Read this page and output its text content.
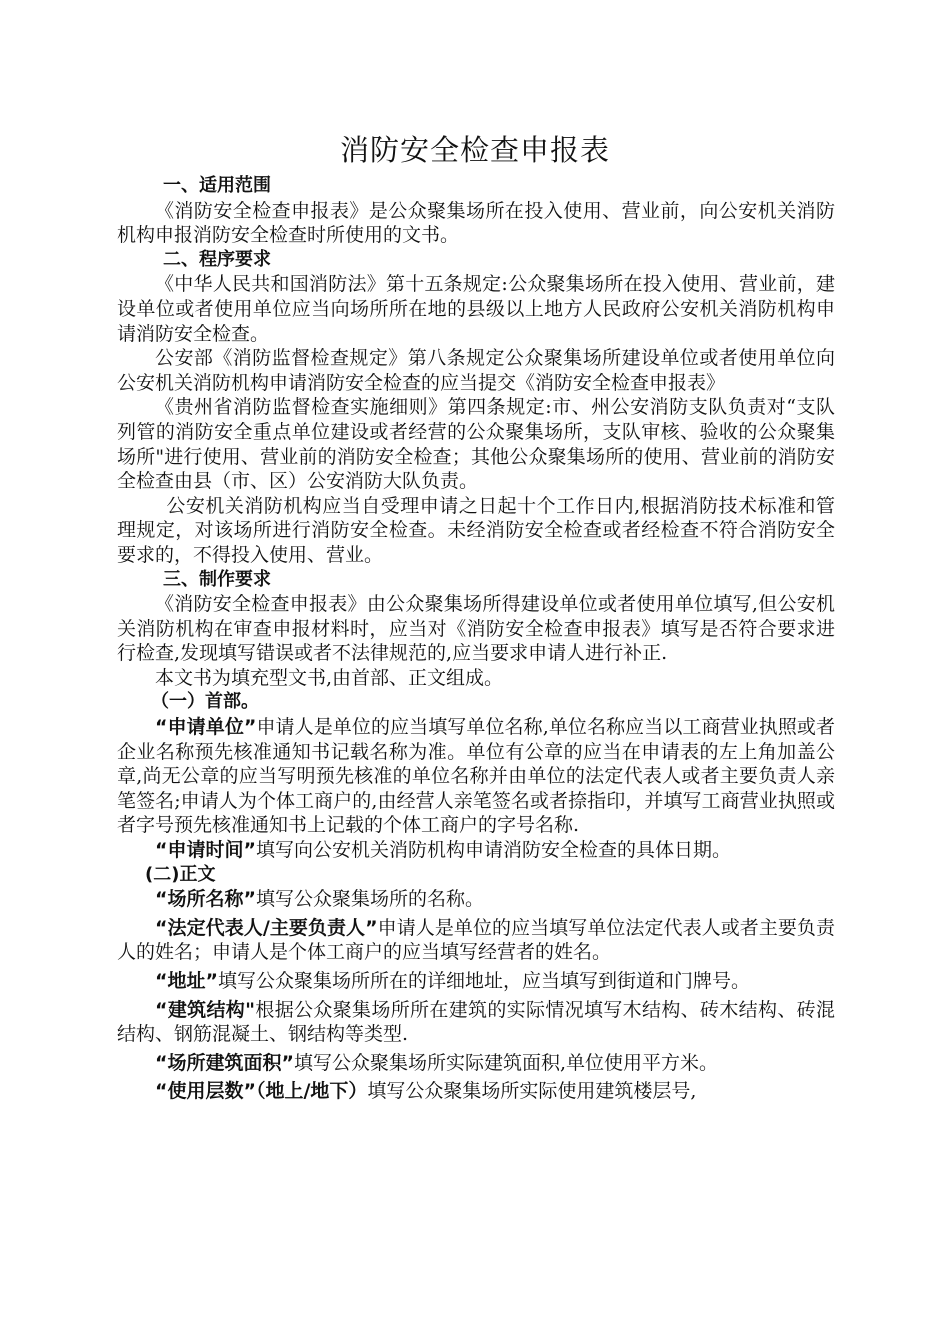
消防安全检查申报表

一、适用范围

《消防安全检查申报表》是公众聚集场所在投入使用、营业前，向公安机关消防机构申报消防安全检查时所使用的文书。

二、程序要求

《中华人民共和国消防法》第十五条规定:公众聚集场所在投入使用、营业前，建设单位或者使用单位应当向场所所在地的县级以上地方人民政府公安机关消防机构申请消防安全检查。

公安部《消防监督检查规定》第八条规定公众聚集场所建设单位或者使用单位向公安机关消防机构申请消防安全检查的应当提交《消防安全检查申报表》

《贵州省消防监督检查实施细则》第四条规定:市、州公安消防支队负责对“支队列管的消防安全重点单位建设或者经营的公众聚集场所，支队审核、验收的公众聚集场所"进行使用、营业前的消防安全检查；其他公众聚集场所的使用、营业前的消防安全检查由县（市、区）公安消防大队负责。

公安机关消防机构应当自受理申请之日起十个工作日内,根据消防技术标准和管理规定，对该场所进行消防安全检查。未经消防安全检查或者经检查不符合消防安全要求的，不得投入使用、营业。

三、制作要求

《消防安全检查申报表》由公众聚集场所得建设单位或者使用单位填写,但公安机关消防机构在审查申报材料时，应当对《消防安全检查申报表》填写是否符合要求进行检查,发现填写错误或者不法律规范的,应当要求申请人进行补正.

本文书为填充型文书,由首部、正文组成。

（一）首部。

“申请单位”申请人是单位的应当填写单位名称,单位名称应当以工商营业执照或者企业名称预先核准通知书记载名称为准。单位有公章的应当在申请表的左上角加盖公章,尚无公章的应当写明预先核准的单位名称并由单位的法定代表人或者主要负责人亲笔签名;申请人为个体工商户的,由经营人亲笔签名或者捺指印，并填写工商营业执照或者字号预先核准通知书上记载的个体工商户的字号名称.

“申请时间”填写向公安机关消防机构申请消防安全检查的具体日期。

(二)正文

“场所名称”填写公众聚集场所的名称。

“法定代表人/主要负责人”申请人是单位的应当填写单位法定代表人或者主要负责人的姓名；申请人是个体工商户的应当填写经营者的姓名。

“地址”填写公众聚集场所所在的详细地址，应当填写到街道和门牌号。

“建筑结构"根据公众聚集场所所在建筑的实际情况填写木结构、砖木结构、砖混结构、钢筋混凝土、钢结构等类型.

“场所建筑面积”填写公众聚集场所实际建筑面积,单位使用平方米。

“使用层数”（地上/地下）填写公众聚集场所实际使用建筑楼层号,
